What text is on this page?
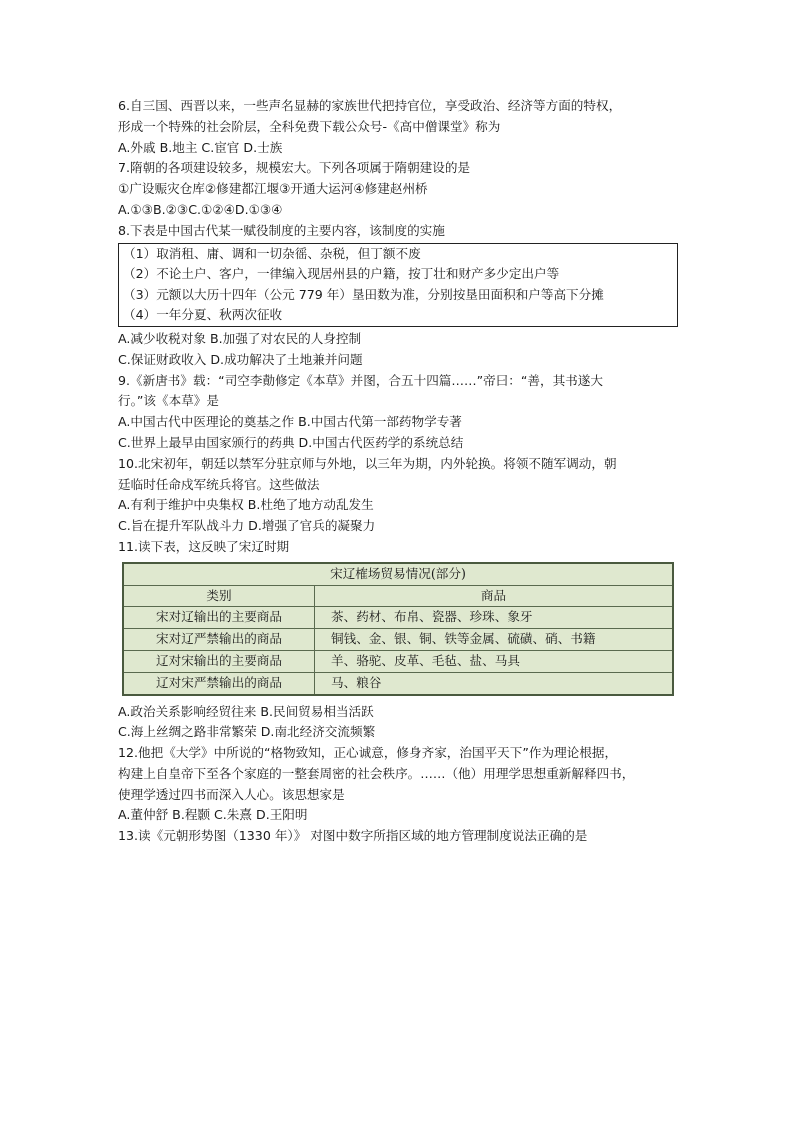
6.自三国、西晋以来，一些声名显赫的家族世代把持官位，享受政治、经济等方面的特权，
形成一个特殊的社会阶层，全科免费下载公众号-《高中僧课堂》称为
A.外戚 B.地主 C.宦官 D.士族
7.隋朝的各项建设较多，规模宏大。下列各项属于隋朝建设的是
①广设赈灾仓库②修建都江堰③开通大运河④修建赵州桥
A.①③B.②③C.①②④D.①③④
8.下表是中国古代某一赋役制度的主要内容，该制度的实施
（1）取消租、庸、调和一切杂徭、杂税，但丁额不废
（2）不论土户、客户，一律编入现居州县的户籍，按丁壮和财产多少定出户等
（3）元额以大历十四年（公元 779 年）垦田数为准，分别按垦田面积和户等高下分摊
（4）一年分夏、秋两次征收
A.减少收税对象 B.加强了对农民的人身控制
C.保证财政收入 D.成功解决了土地兼并问题
9.《新唐书》载：“司空李勣修定《本草》并图，合五十四篇……”帝曰：“善，其书遂大
行。”该《本草》是
A.中国古代中医理论的奠基之作 B.中国古代第一部药物学专著
C.世界上最早由国家颁行的药典 D.中国古代医药学的系统总结
10.北宋初年，朝廷以禁军分驻京师与外地，以三年为期，内外轮换。将领不随军调动，朝
廷临时任命戍军统兵将官。这些做法
A.有利于维护中央集权 B.杜绝了地方动乱发生
C.旨在提升军队战斗力 D.增强了官兵的凝聚力
11.读下表，这反映了宋辽时期
宋辽榷场贸易情况(部分)	
类别	商品
宋对辽输出的主要商品	茶、药材、布帛、瓷器、珍珠、象牙
宋对辽严禁输出的商品	铜钱、金、银、铜、铁等金属、硫磺、硝、书籍
辽对宋输出的主要商品	羊、骆驼、皮革、毛毡、盐、马具
辽对宋严禁输出的商品	马、粮谷
A.政治关系影响经贸往来 B.民间贸易相当活跃
C.海上丝绸之路非常繁荣 D.南北经济交流频繁
12.他把《大学》中所说的“格物致知，正心诚意，修身齐家，治国平天下”作为理论根据，
构建上自皇帝下至各个家庭的一整套周密的社会秩序。……（他）用理学思想重新解释四书，
使理学透过四书而深入人心。该思想家是
A.董仲舒 B.程颢 C.朱熹 D.王阳明
13.读《元朝形势图（1330 年）》 对图中数字所指区域的地方管理制度说法正确的是
